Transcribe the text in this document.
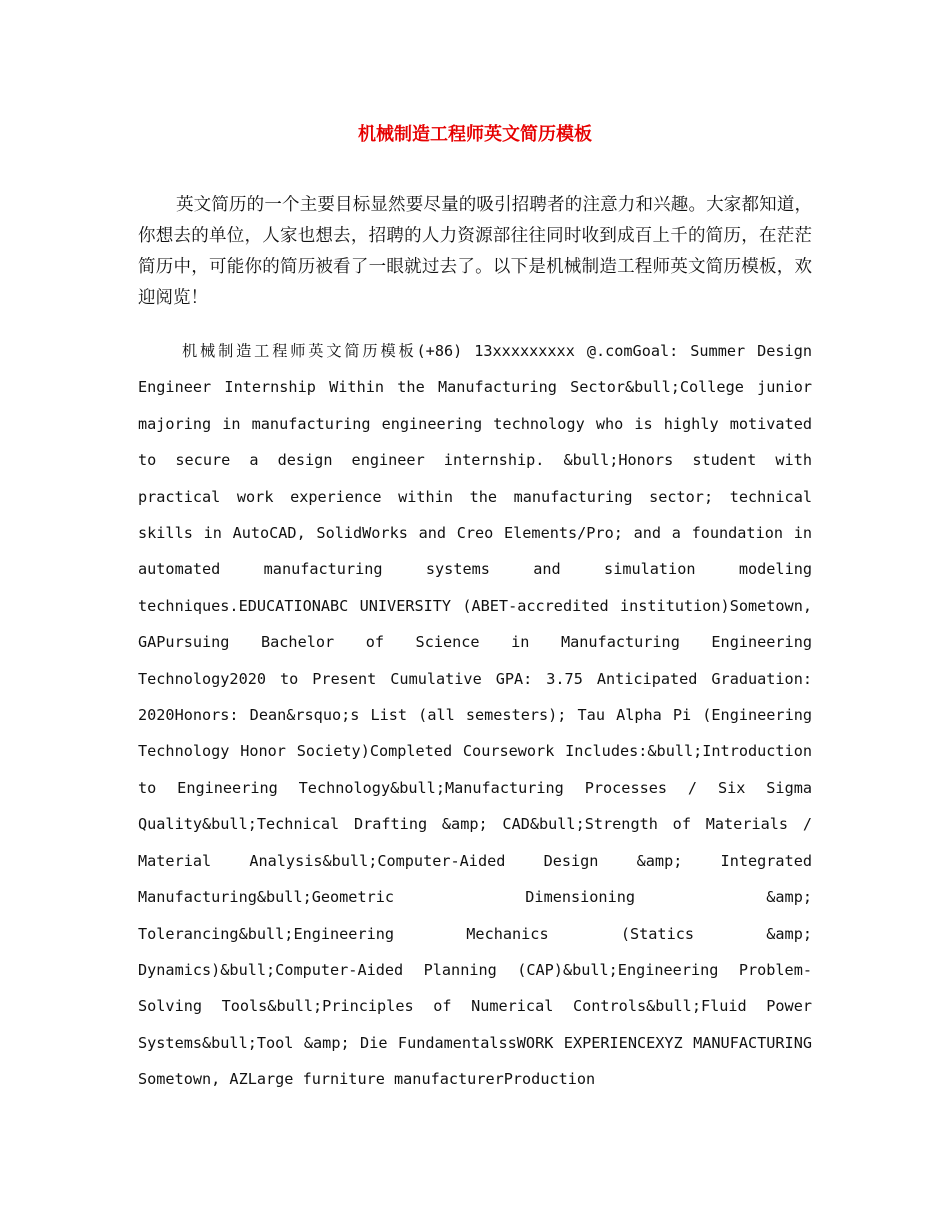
机械制造工程师英文简历模板

英文简历的一个主要目标显然要尽量的吸引招聘者的注意力和兴趣。大家都知道，你想去的单位，人家也想去，招聘的人力资源部往往同时收到成百上千的简历，在茫茫简历中，可能你的简历被看了一眼就过去了。以下是机械制造工程师英文简历模板，欢迎阅览！

机械制造工程师英文简历模板(+86) 13xxxxxxxxx @.comGoal: Summer Design Engineer Internship Within the Manufacturing Sector&bull;College junior majoring in manufacturing engineering technology who is highly motivated to secure a design engineer internship. &bull;Honors student with practical work experience within the manufacturing sector; technical skills in AutoCAD, SolidWorks and Creo Elements/Pro; and a foundation in automated manufacturing systems and simulation modeling techniques.EDUCATIONABC UNIVERSITY (ABET-accredited institution)Sometown, GAPursuing Bachelor of Science in Manufacturing Engineering Technology2020 to Present Cumulative GPA: 3.75 Anticipated Graduation: 2020Honors: Dean&rsquo;s List (all semesters); Tau Alpha Pi (Engineering Technology Honor Society)Completed Coursework Includes:&bull;Introduction to Engineering Technology&bull;Manufacturing Processes / Six Sigma Quality&bull;Technical Drafting &amp; CAD&bull;Strength of Materials / Material Analysis&bull;Computer-Aided Design &amp; Integrated Manufacturing&bull;Geometric Dimensioning &amp; Tolerancing&bull;Engineering Mechanics (Statics &amp; Dynamics)&bull;Computer-Aided Planning (CAP)&bull;Engineering Problem-Solving Tools&bull;Principles of Numerical Controls&bull;Fluid Power Systems&bull;Tool &amp; Die FundamentalssWORK EXPERIENCEXYZ MANUFACTURING Sometown, AZLarge furniture manufacturerProduction
